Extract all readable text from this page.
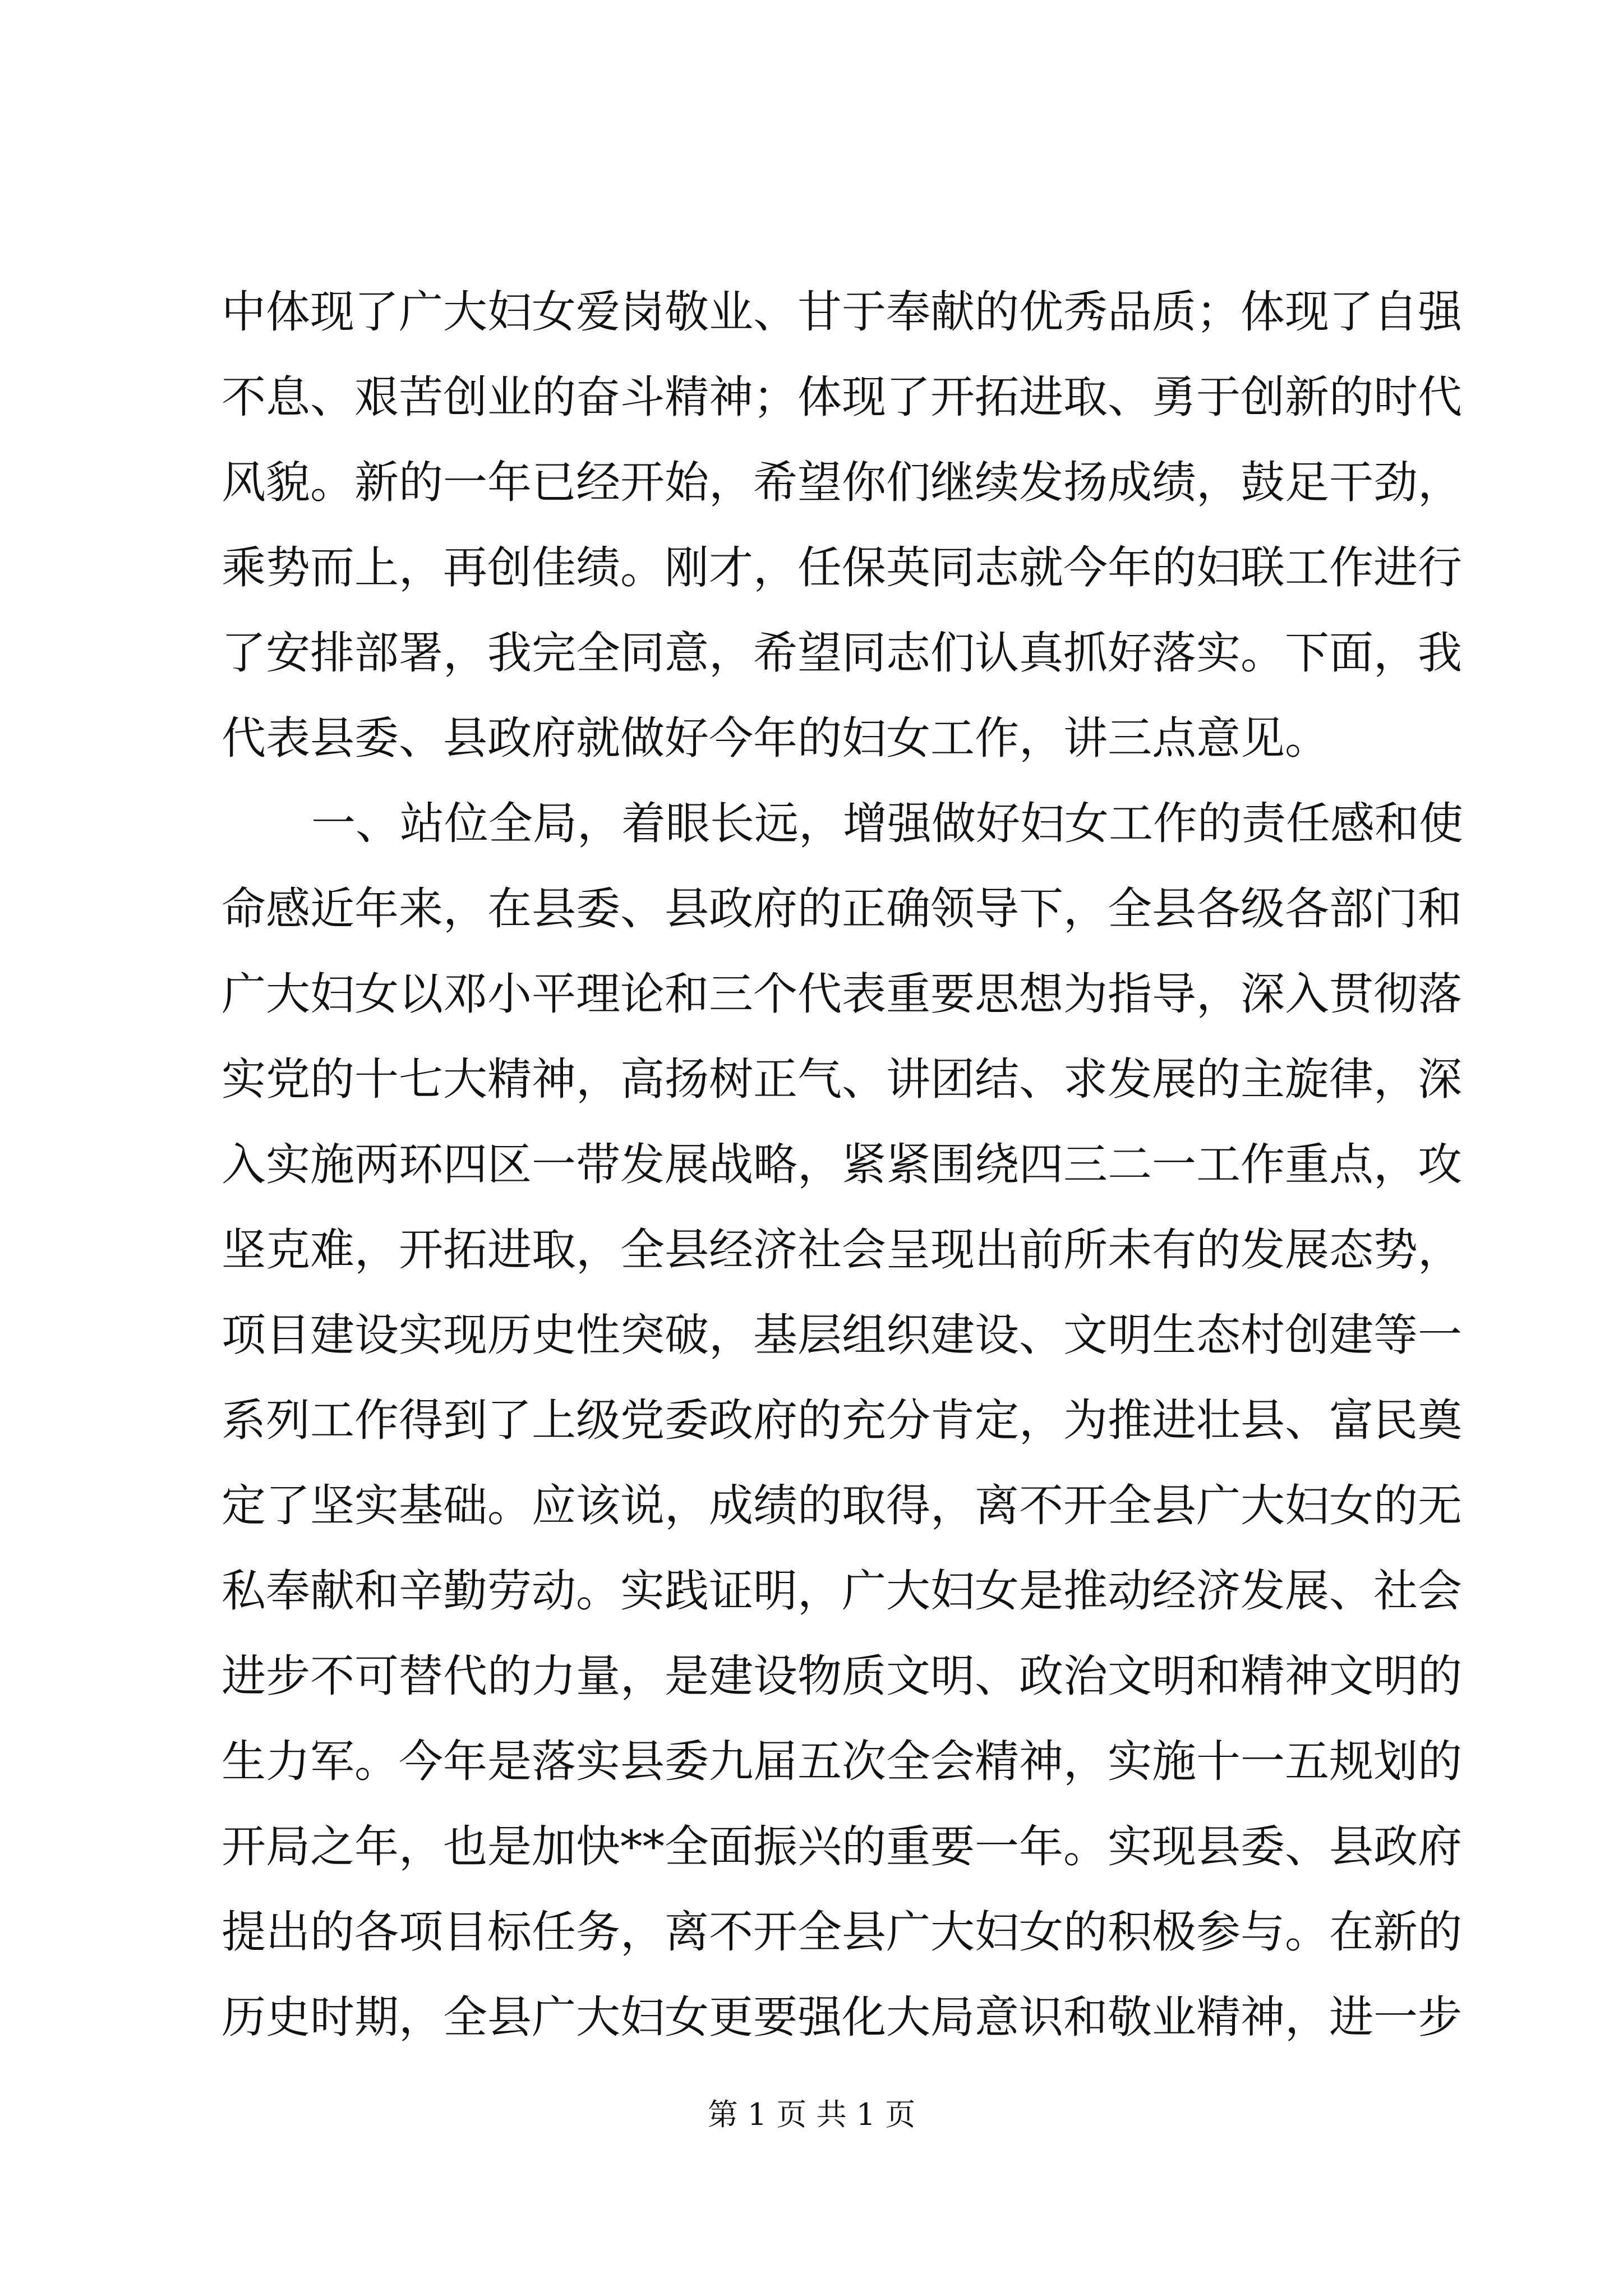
中体现了广大妇女爱岗敬业、甘于奉献的优秀品质；体现了自强
不息、艰苦创业的奋斗精神；体现了开拓进取、勇于创新的时代
风貌。新的一年已经开始，希望你们继续发扬成绩，鼓足干劲，
乘势而上，再创佳绩。刚才，任保英同志就今年的妇联工作进行
了安排部署，我完全同意，希望同志们认真抓好落实。下面，我
代表县委、县政府就做好今年的妇女工作，讲三点意见。
一、站位全局，着眼长远，增强做好妇女工作的责任感和使
命感近年来，在县委、县政府的正确领导下，全县各级各部门和
广大妇女以邓小平理论和三个代表重要思想为指导，深入贯彻落
实党的十七大精神，高扬树正气、讲团结、求发展的主旋律，深
入实施两环四区一带发展战略，紧紧围绕四三二一工作重点，攻
坚克难，开拓进取，全县经济社会呈现出前所未有的发展态势，
项目建设实现历史性突破，基层组织建设、文明生态村创建等一
系列工作得到了上级党委政府的充分肯定，为推进壮县、富民奠
定了坚实基础。应该说，成绩的取得，离不开全县广大妇女的无
私奉献和辛勤劳动。实践证明，广大妇女是推动经济发展、社会
进步不可替代的力量，是建设物质文明、政治文明和精神文明的
生力军。今年是落实县委九届五次全会精神，实施十一五规划的
开局之年，也是加快**全面振兴的重要一年。实现县委、县政府
提出的各项目标任务，离不开全县广大妇女的积极参与。在新的
历史时期，全县广大妇女更要强化大局意识和敬业精神，进一步
第 1 页 共 1 页
